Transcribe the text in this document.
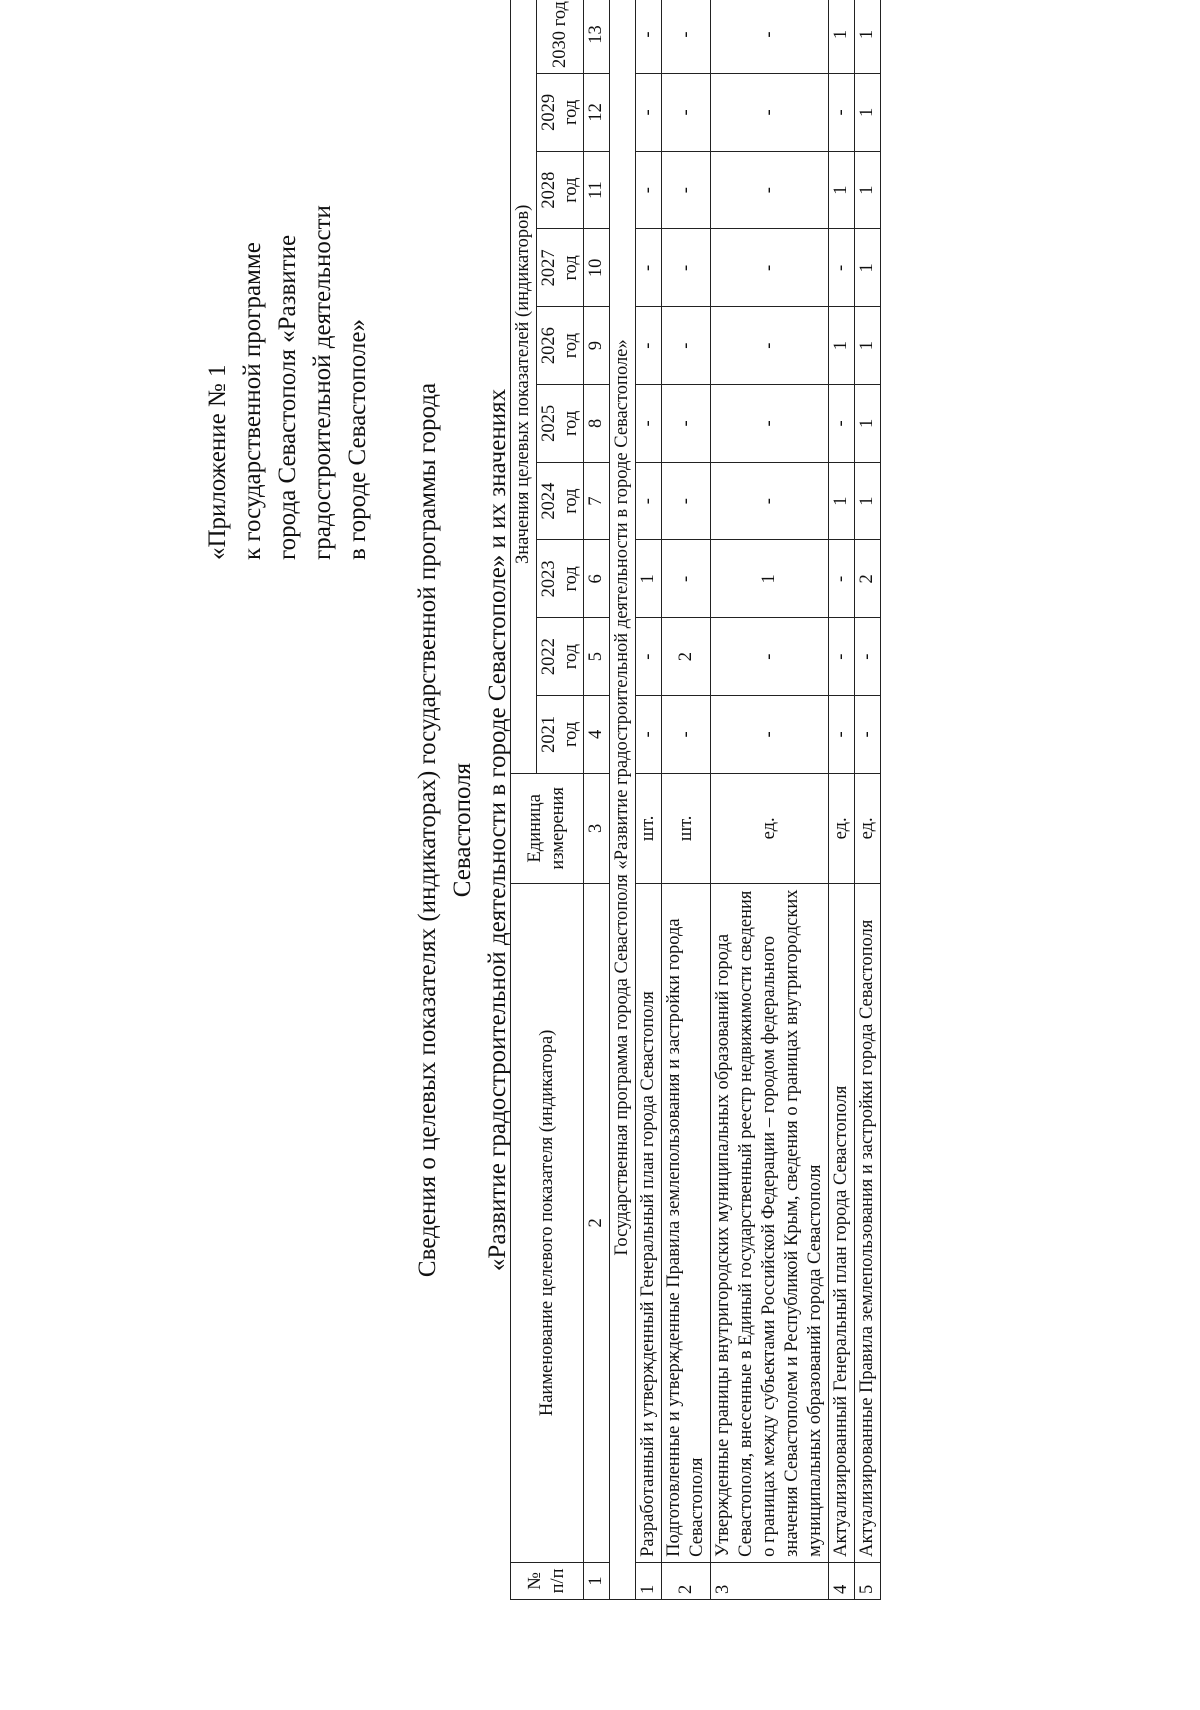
«Приложение № 1 к государственной программе города Севастополя «Развитие градостроительной деятельности в городе Севастополе» Сведения о целевых показателях (индикаторах) государственной программы города Севастополя «Развитие градостроительной деятельности в городе Севастополе» и их значениях
№ п/п	Наименование целевого показателя (индикатора)	Единица измерения	Значения целевых показателей (индикаторов)									
			2021 год	2022 год	2023 год	2024 год	2025 год	2026 год	2027 год	2028 год	2029 год	2030 год
1	2	3	4	5	6	7	8	9	10	11	12	13
Государственная программа города Севастополя «Развитие градостроительной деятельности в городе Севастополе»												
1	Разработанный и утвержденный Генеральный план города Севастополя	шт.	-	-	1	-	-	-	-	-	-	-
2	Подготовленные и утвержденные Правила землепользования и застройки города Севастополя	шт.	-	2	-	-	-	-	-	-	-	-
3	Утвержденные границы внутригородских муниципальных образований города Севастополя, внесенные в Единый государственный реестр недвижимости сведения о границах между субъектами Российской Федерации – городом федерального значения Севастополем и Республикой Крым, сведения о границах внутригородских муниципальных образований города Севастополя	ед.	-	-	1	-	-	-	-	-	-	-
4	Актуализированный Генеральный план города Севастополя	ед.	-	-	-	1	-	1	-	1	-	1
5	Актуализированные Правила землепользования и застройки города Севастополя	ед.	-	-	2	1	1	1	1	1	1	1
